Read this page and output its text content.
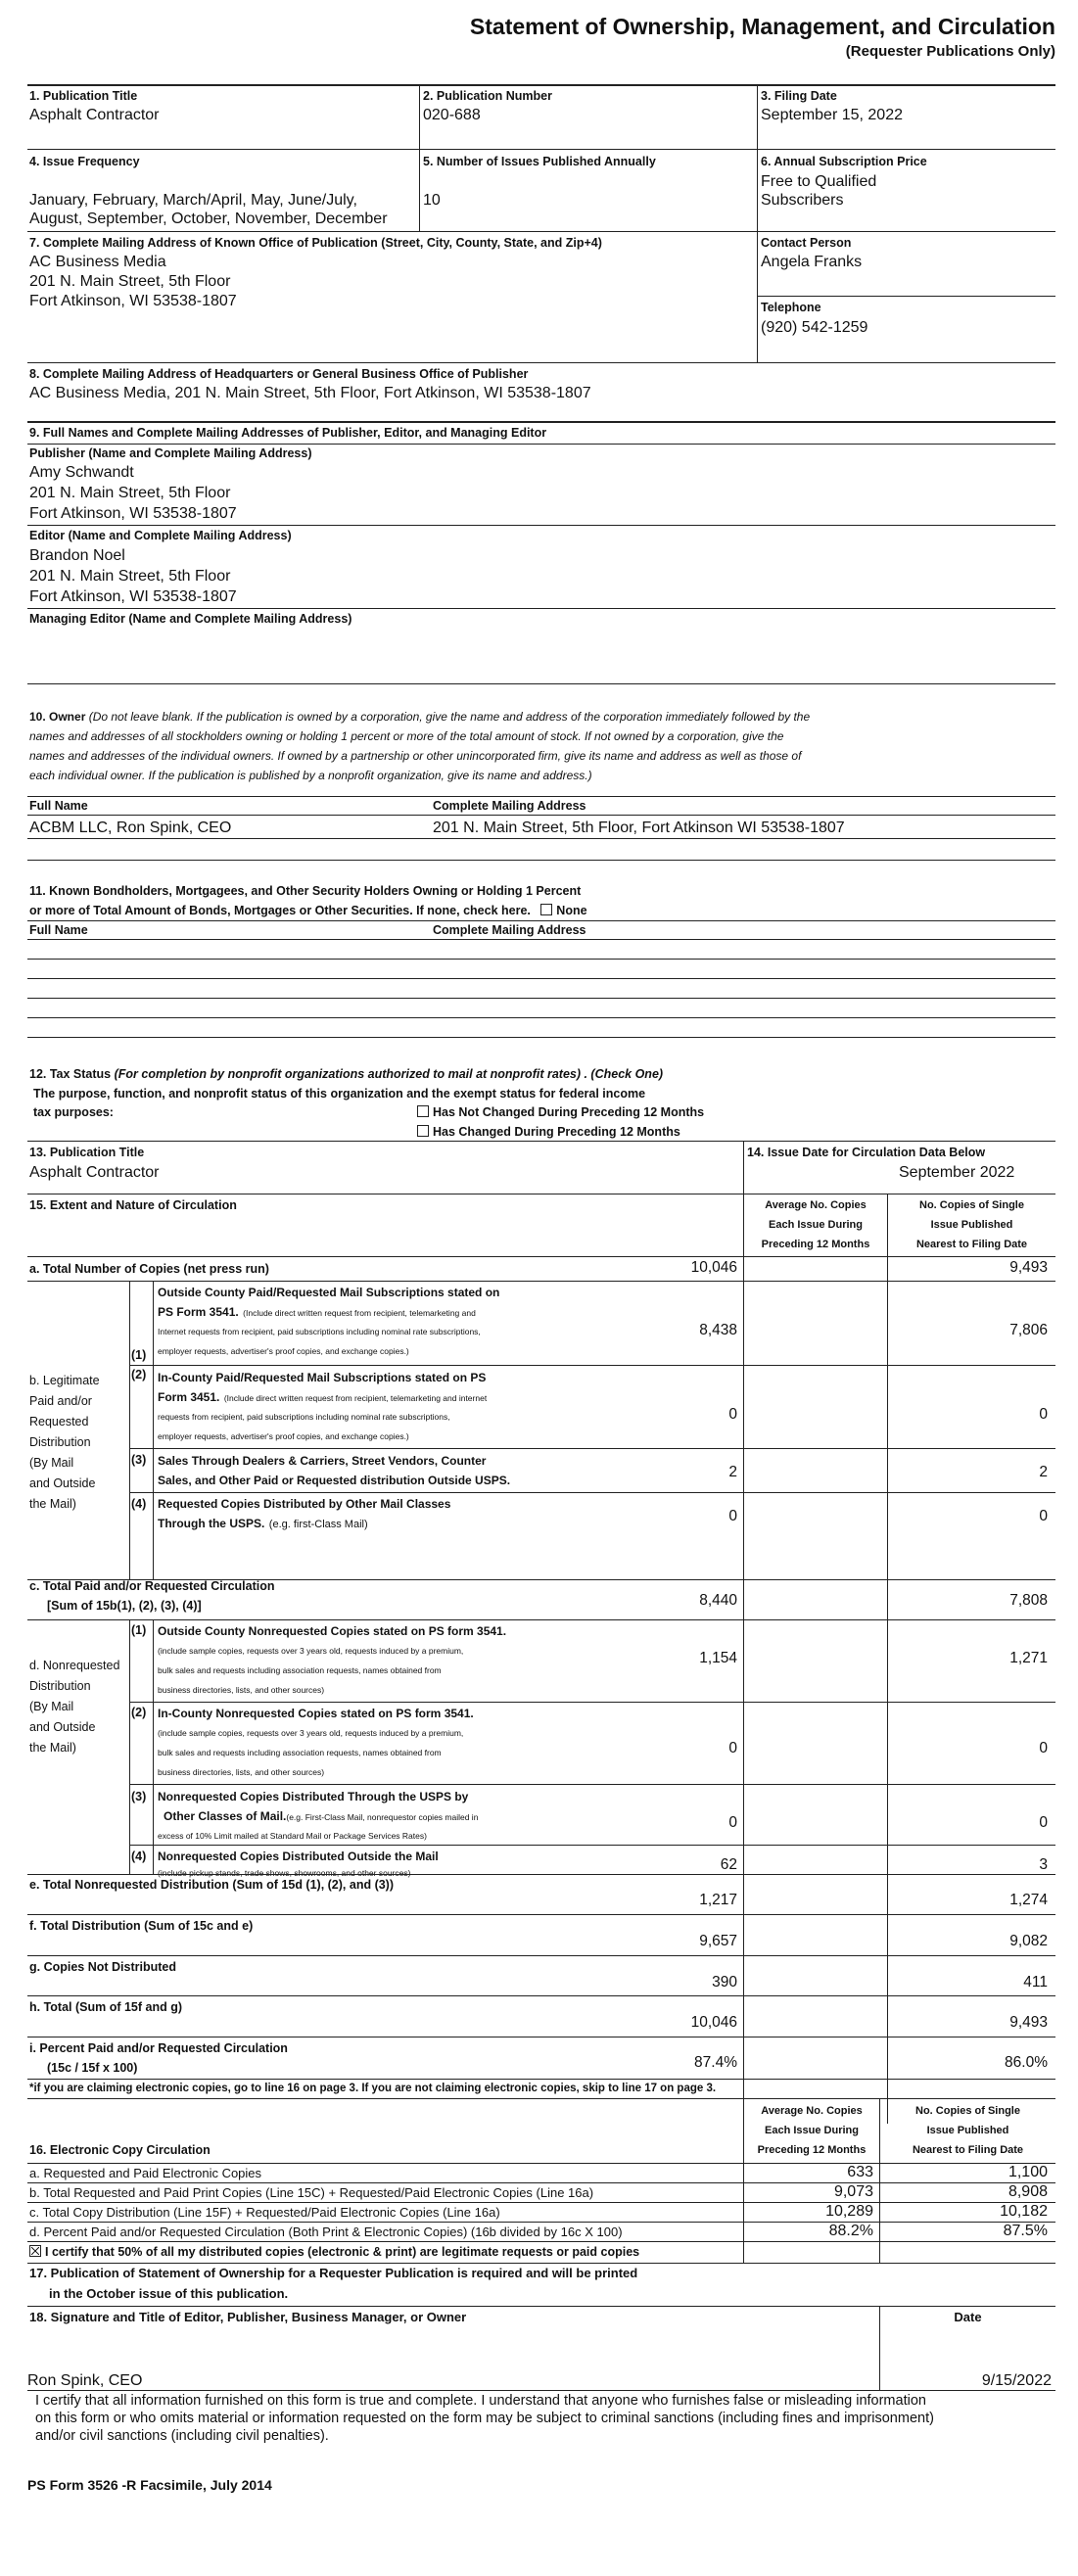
Statement of Ownership, Management, and Circulation
(Requester Publications Only)
1. Publication Title
Asphalt Contractor
2. Publication Number
020-688
3. Filing Date
September 15, 2022
4. Issue Frequency
January, February, March/April, May, June/July,
August, September, October, November, December
5. Number of Issues Published Annually
10
6. Annual Subscription Price
Free to Qualified
Subscribers
7. Complete Mailing Address of Known Office of Publication (Street, City, County, State, and Zip+4)
AC Business Media
201 N. Main Street, 5th Floor
Fort Atkinson, WI 53538-1807
Contact Person
Angela Franks
Telephone
(920) 542-1259
8. Complete Mailing Address of Headquarters or General Business Office of Publisher
AC Business Media, 201 N. Main Street, 5th Floor, Fort Atkinson, WI 53538-1807
9. Full Names and Complete Mailing Addresses of Publisher, Editor, and Managing Editor
Publisher (Name and Complete Mailing Address)
Amy Schwandt
201 N. Main Street, 5th Floor
Fort Atkinson, WI 53538-1807
Editor (Name and Complete Mailing Address)
Brandon Noel
201 N. Main Street, 5th Floor
Fort Atkinson, WI 53538-1807
Managing Editor (Name and Complete Mailing Address)
10. Owner (Do not leave blank. If the publication is owned by a corporation, give the name and address of the corporation immediately followed by the
names and addresses of all stockholders owning or holding 1 percent or more of the total amount of stock. If not owned by a corporation, give the
names and addresses of the individual owners. If owned by a partnership or other unincorporated firm, give its name and address as well as those of
each individual owner. If the publication is published by a nonprofit organization, give its name and address.)
Full Name	Complete Mailing Address
ACBM LLC, Ron Spink, CEO	201 N. Main Street, 5th Floor, Fort Atkinson WI 53538-1807
11. Known Bondholders, Mortgagees, and Other Security Holders Owning or Holding 1 Percent
or more of Total Amount of Bonds, Mortgages or Other Securities. If none, check here. None
Full Name	Complete Mailing Address
12. Tax Status (For completion by nonprofit organizations authorized to mail at nonprofit rates) . (Check One)
The purpose, function, and nonprofit status of this organization and the exempt status for federal income
tax purposes:	Has Not Changed During Preceding 12 Months
Has Changed During Preceding 12 Months
13. Publication Title
Asphalt Contractor
14. Issue Date for Circulation Data Below
September 2022
15. Extent and Nature of Circulation	Average No. Copies
Each Issue During
Preceding 12 Months
No. Copies of Single
Issue Published
Nearest to Filing Date
a. Total Number of Copies (net press run)	10,046	9,493
b. Legitimate
Paid and/or
Requested
Distribution
(By Mail
and Outside
the Mail)
(1)
Outside County Paid/Requested Mail Subscriptions stated on
PS Form 3541. (Include direct written request from recipient, telemarketing and
Internet requests from recipient, paid subscriptions including nominal rate subscriptions,
employer requests, advertiser's proof copies, and exchange copies.)
8,438	7,806
(2) In-County Paid/Requested Mail Subscriptions stated on PS
Form 3451. (Include direct written request from recipient, telemarketing and internet
requests from recipient, paid subscriptions including nominal rate subscriptions,
employer requests, advertiser's proof copies, and exchange copies.)
0	0
(3) Sales Through Dealers & Carriers, Street Vendors, Counter
Sales, and Other Paid or Requested distribution Outside USPS.	2	2
(4) Requested Copies Distributed by Other Mail Classes
Through the USPS. (e.g. first-Class Mail)	0	0
c. Total Paid and/or Requested Circulation
[Sum of 15b(1), (2), (3), (4)]	8,440	7,808
d. Nonrequested
Distribution
(By Mail
and Outside
the Mail)
(1) Outside County Nonrequested Copies stated on PS form 3541.
(include sample copies, requests over 3 years old, requests induced by a premium,
bulk sales and requests including association requests, names obtained from
business directories, lists, and other sources)
1,154	1,271
(2) In-County Nonrequested Copies stated on PS form 3541.
(include sample copies, requests over 3 years old, requests induced by a premium,
bulk sales and requests including association requests, names obtained from
business directories, lists, and other sources)
0	0
(3) Nonrequested Copies Distributed Through the USPS by
Other Classes of Mail.(e.g. First-Class Mail, nonrequestor copies mailed in
excess of 10% Limit mailed at Standard Mail or Package Services Rates)
0	0
(4) Nonrequested Copies Distributed Outside the Mail
(include pickup stands, trade shows, showrooms, and other sources)	62	3
e. Total Nonrequested Distribution (Sum of 15d (1), (2), and (3))
1,217	1,274
f. Total Distribution (Sum of 15c and e)
9,657	9,082
g. Copies Not Distributed
390	411
h. Total (Sum of 15f and g)
10,046	9,493
i. Percent Paid and/or Requested Circulation
(15c / 15f x 100)	87.4%	86.0%
*if you are claiming electronic copies, go to line 16 on page 3. If you are not claiming electronic copies, skip to line 17 on page 3.
16. Electronic Copy Circulation
Average No. Copies
Each Issue During
Preceding 12 Months
No. Copies of Single
Issue Published
Nearest to Filing Date
a. Requested and Paid Electronic Copies	633	1,100
b. Total Requested and Paid Print Copies (Line 15C) + Requested/Paid Electronic Copies (Line 16a)	9,073	8,908
c. Total Copy Distribution (Line 15F) + Requested/Paid Electronic Copies (Line 16a)	10,289	10,182
d. Percent Paid and/or Requested Circulation (Both Print & Electronic Copies) (16b divided by 16c X 100)	88.2%	87.5%
I certify that 50% of all my distributed copies (electronic & print) are legitimate requests or paid copies
17. Publication of Statement of Ownership for a Requester Publication is required and will be printed
in the October issue of this publication.
18. Signature and Title of Editor, Publisher, Business Manager, or Owner	Date
Ron Spink, CEO	9/15/2022
I certify that all information furnished on this form is true and complete. I understand that anyone who furnishes false or misleading information
on this form or who omits material or information requested on the form may be subject to criminal sanctions (including fines and imprisonment)
and/or civil sanctions (including civil penalties).
PS Form 3526 -R Facsimile, July 2014
